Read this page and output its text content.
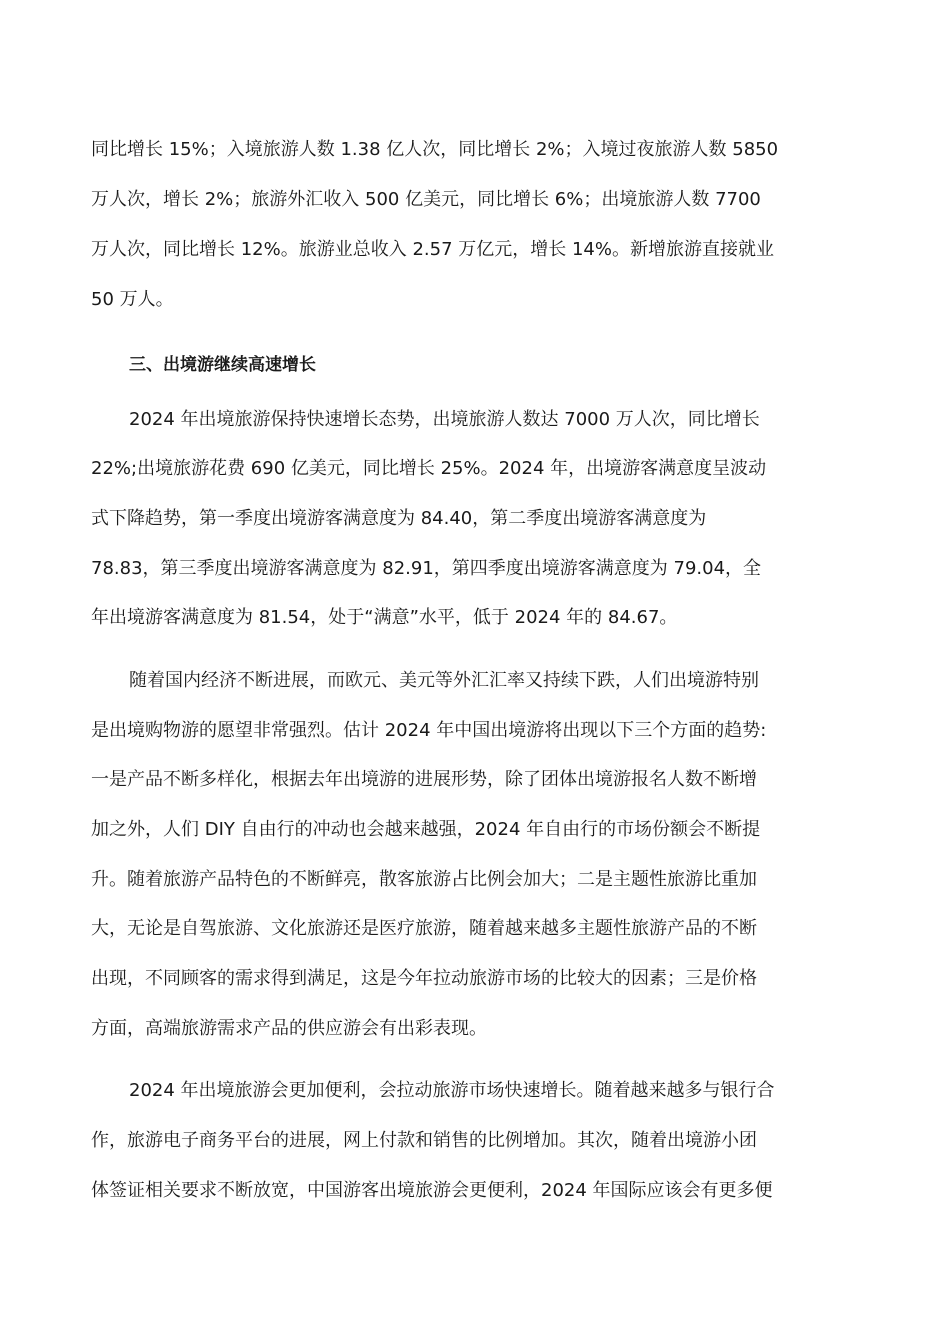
同比增长 15%；入境旅游人数 1.38 亿人次，同比增长 2%；入境过夜旅游人数 5850
万人次，增长 2%；旅游外汇收入 500 亿美元，同比增长 6%；出境旅游人数 7700
万人次，同比增长 12%。旅游业总收入 2.57 万亿元，增长 14%。新增旅游直接就业
50 万人。
三、出境游继续高速增长
2024 年出境旅游保持快速增长态势，出境旅游人数达 7000 万人次，同比增长
22%;出境旅游花费 690 亿美元，同比增长 25%。2024 年，出境游客满意度呈波动
式下降趋势，第一季度出境游客满意度为 84.40，第二季度出境游客满意度为
78.83，第三季度出境游客满意度为 82.91，第四季度出境游客满意度为 79.04，全
年出境游客满意度为 81.54，处于“满意”水平，低于 2024 年的 84.67。
随着国内经济不断进展，而欧元、美元等外汇汇率又持续下跌，人们出境游特别
是出境购物游的愿望非常强烈。估计 2024 年中国出境游将出现以下三个方面的趋势:
一是产品不断多样化，根据去年出境游的进展形势，除了团体出境游报名人数不断增
加之外，人们 DIY 自由行的冲动也会越来越强，2024 年自由行的市场份额会不断提
升。随着旅游产品特色的不断鲜亮，散客旅游占比例会加大；二是主题性旅游比重加
大，无论是自驾旅游、文化旅游还是医疗旅游，随着越来越多主题性旅游产品的不断
出现，不同顾客的需求得到满足，这是今年拉动旅游市场的比较大的因素；三是价格
方面，高端旅游需求产品的供应游会有出彩表现。
2024 年出境旅游会更加便利，会拉动旅游市场快速增长。随着越来越多与银行合
作，旅游电子商务平台的进展，网上付款和销售的比例增加。其次，随着出境游小团
体签证相关要求不断放宽，中国游客出境旅游会更便利，2024 年国际应该会有更多便
